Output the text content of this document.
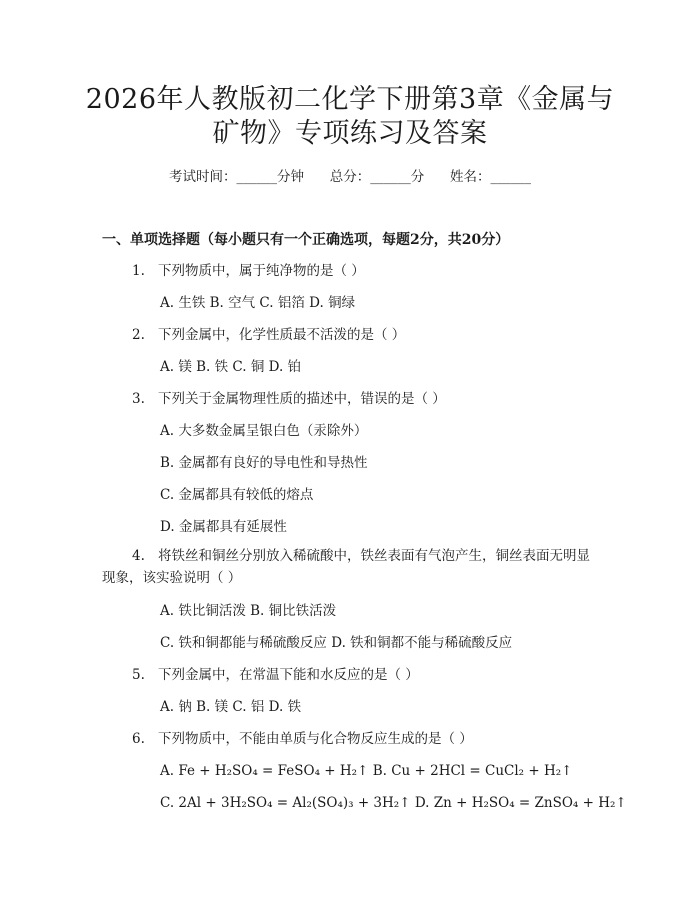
2026年人教版初二化学下册第3章《金属与
矿物》专项练习及答案
考试时间：______分钟 总分：______分 姓名：______
一、单项选择题（每小题只有一个正确选项，每题2分，共20分）
1. 下列物质中，属于纯净物的是（ ）
A. 生铁 B. 空气 C. 铝箔 D. 铜绿
2. 下列金属中，化学性质最不活泼的是（ ）
A. 镁 B. 铁 C. 铜 D. 铂
3. 下列关于金属物理性质的描述中，错误的是（ ）
A. 大多数金属呈银白色（汞除外）
B. 金属都有良好的导电性和导热性
C. 金属都具有较低的熔点
D. 金属都具有延展性
4. 将铁丝和铜丝分别放入稀硫酸中，铁丝表面有气泡产生，铜丝表面无明显
现象，该实验说明（ ）
A. 铁比铜活泼 B. 铜比铁活泼
C. 铁和铜都能与稀硫酸反应 D. 铁和铜都不能与稀硫酸反应
5. 下列金属中，在常温下能和水反应的是（ ）
A. 钠 B. 镁 C. 铝 D. 铁
6. 下列物质中，不能由单质与化合物反应生成的是（ ）
A. Fe + H₂SO₄ = FeSO₄ + H₂↑ B. Cu + 2HCl = CuCl₂ + H₂↑
C. 2Al + 3H₂SO₄ = Al₂(SO₄)₃ + 3H₂↑ D. Zn + H₂SO₄ = ZnSO₄ + H₂↑
